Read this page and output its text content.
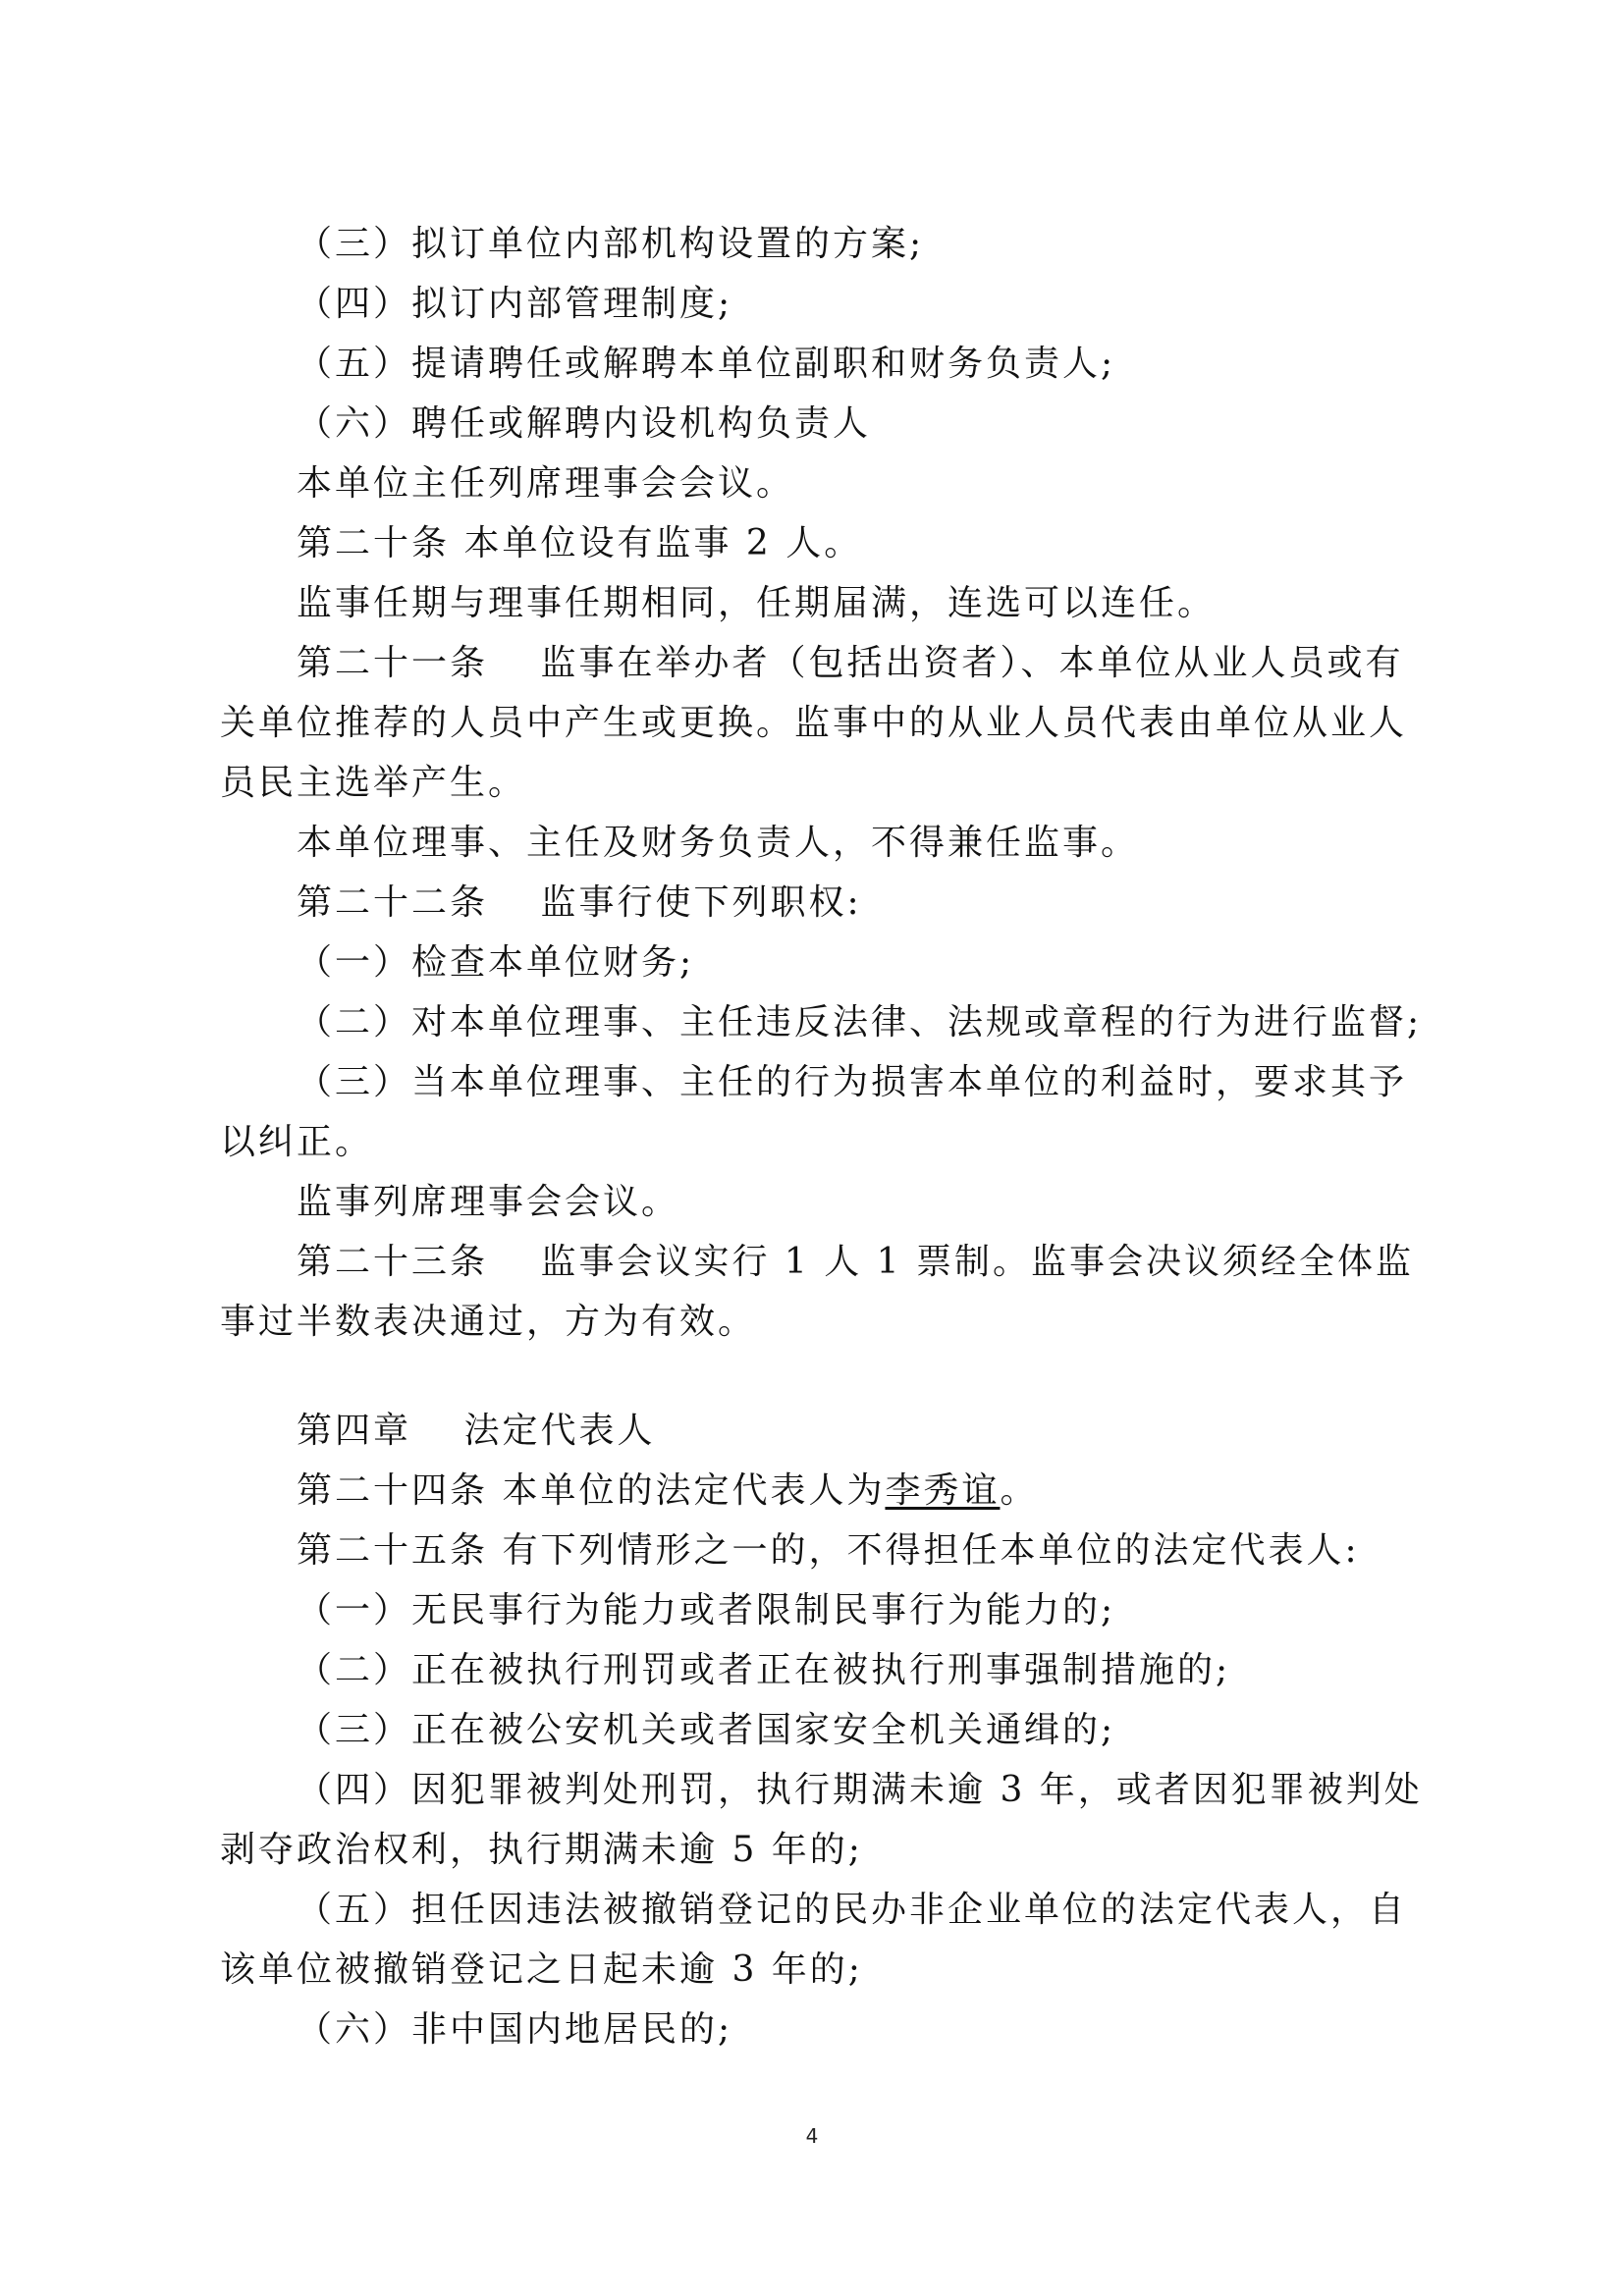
（三）拟订单位内部机构设置的方案;

（四）拟订内部管理制度;

（五）提请聘任或解聘本单位副职和财务负责人;

（六）聘任或解聘内设机构负责人

本单位主任列席理事会会议。

第二十条 本单位设有监事 2 人。

监事任期与理事任期相同，任期届满，连选可以连任。

第二十一条　 监事在举办者（包括出资者）、本单位从业人员或有关单位推荐的人员中产生或更换。监事中的从业人员代表由单位从业人员民主选举产生。

本单位理事、主任及财务负责人，不得兼任监事。

第二十二条　 监事行使下列职权:

（一）检查本单位财务;

（二）对本单位理事、主任违反法律、法规或章程的行为进行监督;

（三）当本单位理事、主任的行为损害本单位的利益时，要求其予以纠正。

监事列席理事会会议。

第二十三条　 监事会议实行 1 人 1 票制。监事会决议须经全体监事过半数表决通过，方为有效。

第四章　 法定代表人

第二十四条 本单位的法定代表人为李秀谊。

第二十五条 有下列情形之一的，不得担任本单位的法定代表人:

（一）无民事行为能力或者限制民事行为能力的;

（二）正在被执行刑罚或者正在被执行刑事强制措施的;

（三）正在被公安机关或者国家安全机关通缉的;

（四）因犯罪被判处刑罚，执行期满未逾 3 年，或者因犯罪被判处剥夺政治权利，执行期满未逾 5 年的;

（五）担任因违法被撤销登记的民办非企业单位的法定代表人，自该单位被撤销登记之日起未逾 3 年的;

（六）非中国内地居民的;

4
